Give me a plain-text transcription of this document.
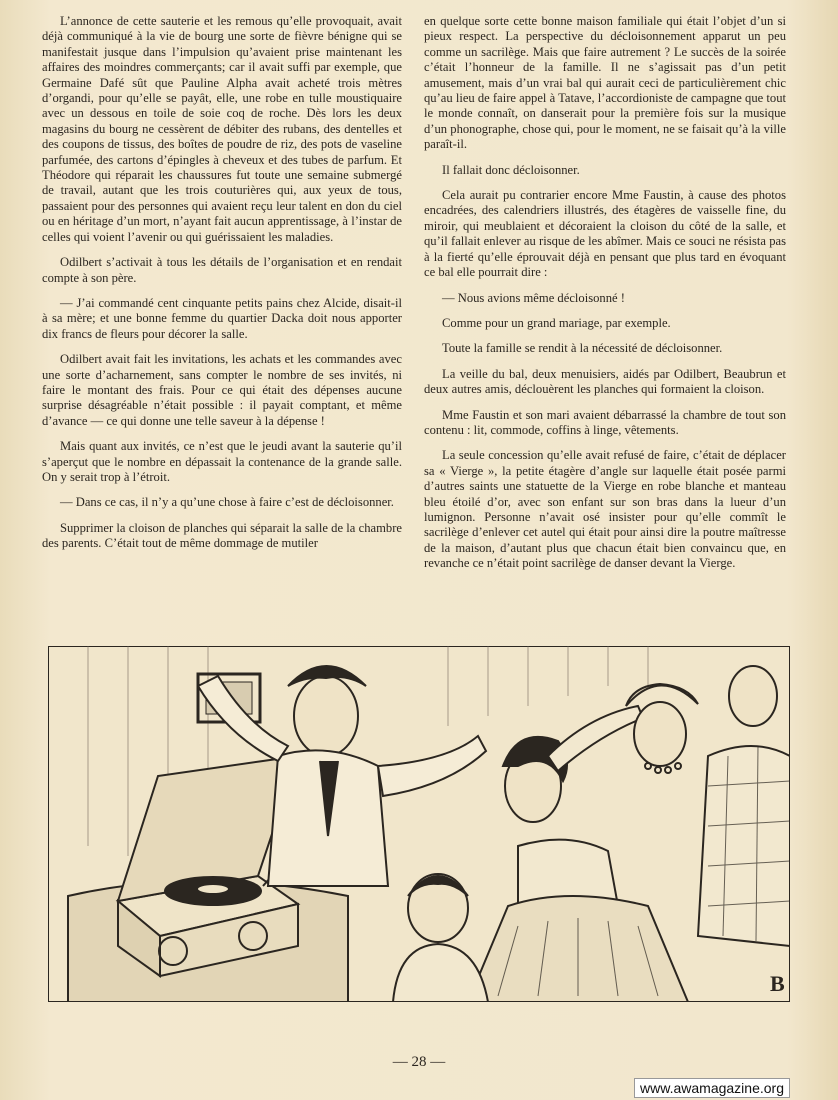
L’annonce de cette sauterie et les remous qu’elle provoquait, avait déjà communiqué à la vie de bourg une sorte de fièvre bénigne qui se manifestait jusque dans l’impulsion qu’avaient prise maintenant les affaires des moindres commerçants; car il avait suffi par exemple, que Germaine Dafé sût que Pauline Alpha avait acheté trois mètres d’organdi, pour qu’elle se payât, elle, une robe en tulle moustiquaire avec un dessous en toile de soie coq de roche. Dès lors les deux magasins du bourg ne cessèrent de débiter des rubans, des dentelles et des coupons de tissus, des boîtes de poudre de riz, des pots de vaseline parfumée, des cartons d’épingles à cheveux et des tubes de parfum. Et Théodore qui réparait les chaussures fut toute une semaine submergé de travail, autant que les trois couturières qui, aux yeux de tous, passaient pour des personnes qui avaient reçu leur talent en don du ciel ou en héritage d’un mort, n’ayant fait aucun apprentissage, à l’instar de celles qui voient l’avenir ou qui guérissaient les maladies.

Odilbert s’activait à tous les détails de l’organisation et en rendait compte à son père.

— J’ai commandé cent cinquante petits pains chez Alcide, disait-il à sa mère; et une bonne femme du quartier Dacka doit nous apporter dix francs de fleurs pour décorer la salle.

Odilbert avait fait les invitations, les achats et les commandes avec une sorte d’acharnement, sans compter le nombre de ses invités, ni faire le montant des frais. Pour ce qui était des dépenses aucune surprise désagréable n’était possible : il payait comptant, et même d’avance — ce qui donne une telle saveur à la dépense !

Mais quant aux invités, ce n’est que le jeudi avant la sauterie qu’il s’aperçut que le nombre en dépassait la contenance de la grande salle. On y serait trop à l’étroit.

— Dans ce cas, il n’y a qu’une chose à faire c’est de décloisonner.

Supprimer la cloison de planches qui séparait la salle de la chambre des parents. C’était tout de même dommage de mutiler

en quelque sorte cette bonne maison familiale qui était l’objet d’un si pieux respect. La perspective du décloisonnement apparut un peu comme un sacrilège. Mais que faire autrement ? Le succès de la soirée c’était l’honneur de la famille. Il ne s’agissait pas d’un petit amusement, mais d’un vrai bal qui aurait ceci de particulièrement chic qu’au lieu de faire appel à Tatave, l’accordioniste de campagne que tout le monde connaît, on danserait pour la première fois sur la musique d’un phonographe, chose qui, pour le moment, ne se faisait qu’à la ville paraît-il.

Il fallait donc décloisonner.

Cela aurait pu contrarier encore Mme Faustin, à cause des photos encadrées, des calendriers illustrés, des étagères de vaisselle fine, du miroir, qui meublaient et décoraient la cloison du côté de la salle, et qu’il fallait enlever au risque de les abîmer. Mais ce souci ne résista pas à la fierté qu’elle éprouvait déjà en pensant que plus tard en évoquant ce bal elle pourrait dire :

— Nous avions même décloisonné !

Comme pour un grand mariage, par exemple.

Toute la famille se rendit à la nécessité de décloisonner.

La veille du bal, deux menuisiers, aidés par Odilbert, Beaubrun et deux autres amis, déclouèrent les planches qui formaient la cloison.

Mme Faustin et son mari avaient débarrassé la chambre de tout son contenu : lit, commode, coffins à linge, vêtements.

La seule concession qu’elle avait refusé de faire, c’était de déplacer sa « Vierge », la petite étagère d’angle sur laquelle était posée parmi d’autres saints une statuette de la Vierge en robe blanche et manteau bleu étoilé d’or, avec son enfant sur son bras dans la lueur d’un lumignon. Personne n’avait osé insister pour qu’elle commît le sacrilège d’enlever cet autel qui était pour ainsi dire la poutre maîtresse de la maison, d’autant plus que chacun était bien convaincu que, en revanche ce n’était point sacrilège de danser devant la Vierge.

B
— 28 —
www.awamagazine.org
